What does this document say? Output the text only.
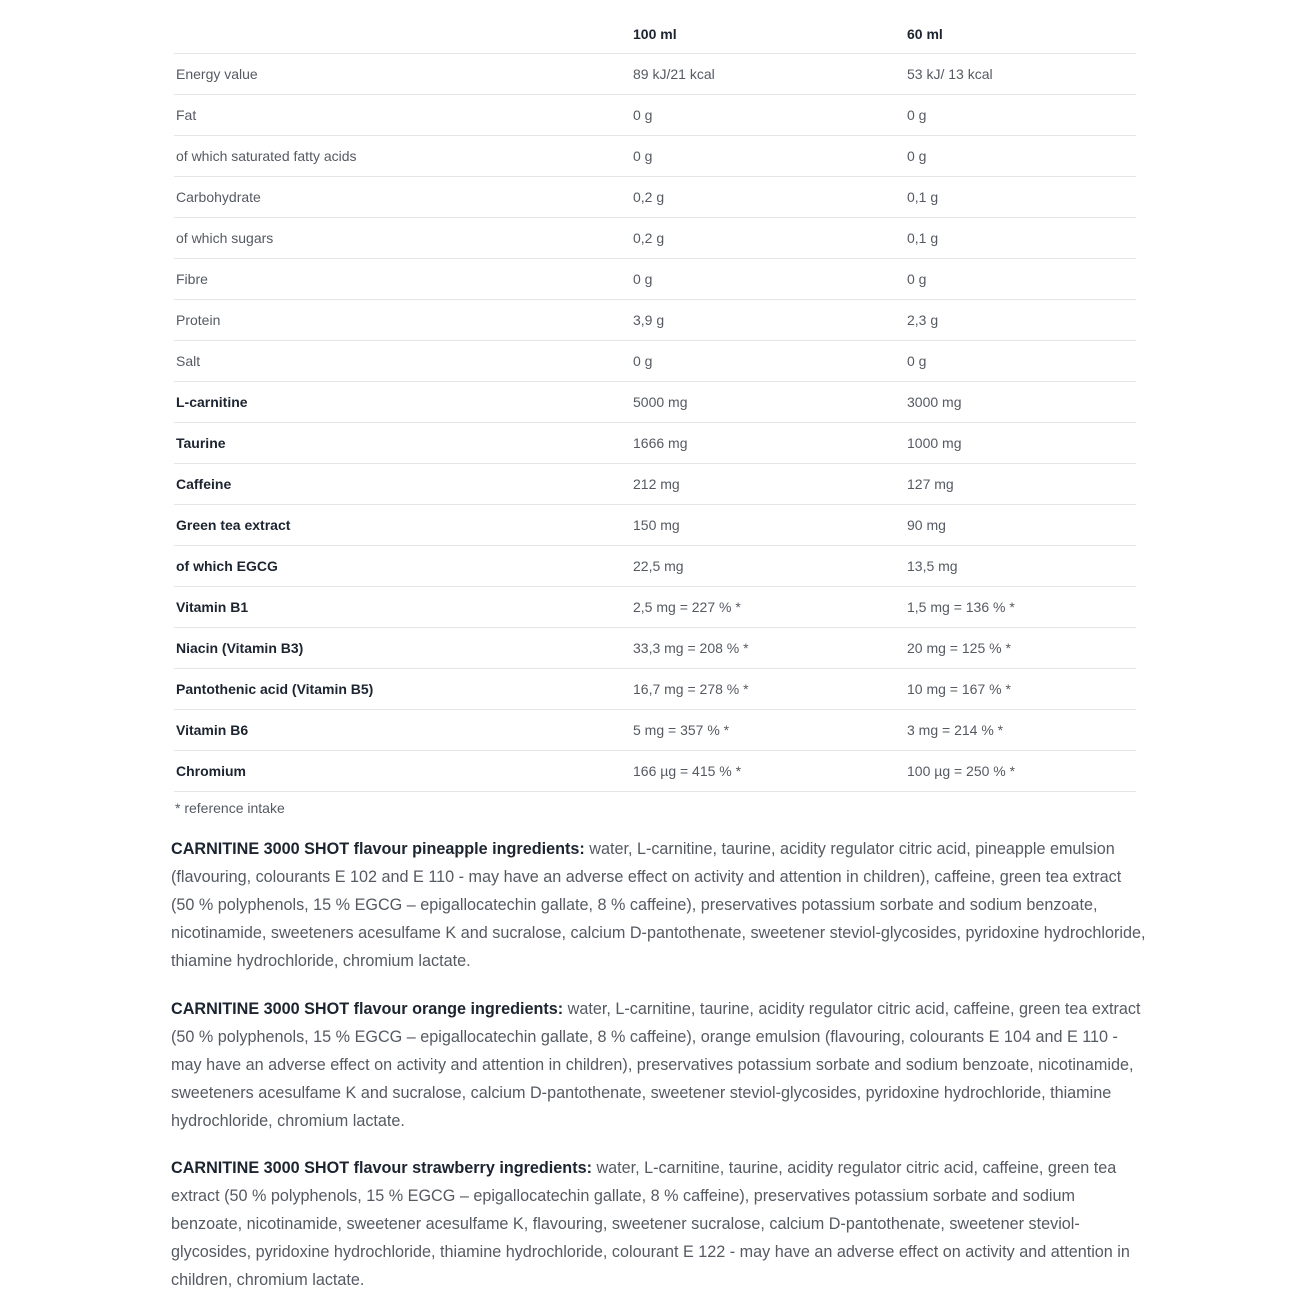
	100 ml	60 ml
Energy value	89 kJ/21 kcal	53 kJ/ 13 kcal
Fat	0 g	0 g
of which saturated fatty acids	0 g	0 g
Carbohydrate	0,2 g	0,1 g
of which sugars	0,2 g	0,1 g
Fibre	0 g	0 g
Protein	3,9 g	2,3 g
Salt	0 g	0 g
L-carnitine	5000 mg	3000 mg
Taurine	1666 mg	1000 mg
Caffeine	212 mg	127 mg
Green tea extract	150 mg	90 mg
of which EGCG	22,5 mg	13,5 mg
Vitamin B1	2,5 mg = 227 % *	1,5 mg = 136 % *
Niacin (Vitamin B3)	33,3 mg = 208 % *	20 mg = 125 % *
Pantothenic acid (Vitamin B5)	16,7 mg = 278 % *	10 mg = 167 % *
Vitamin B6	5 mg = 357 % *	3 mg = 214 % *
Chromium	166 µg = 415 % *	100 µg = 250 % *
* reference intake

CARNITINE 3000 SHOT flavour pineapple ingredients: water, L-carnitine, taurine, acidity regulator citric acid, pineapple emulsion (flavouring, colourants E 102 and E 110 - may have an adverse effect on activity and attention in children), caffeine, green tea extract (50 % polyphenols, 15 % EGCG – epigallocatechin gallate, 8 % caffeine), preservatives potassium sorbate and sodium benzoate, nicotinamide, sweeteners acesulfame K and sucralose, calcium D-pantothenate, sweetener steviol-glycosides, pyridoxine hydrochloride, thiamine hydrochloride, chromium lactate.

CARNITINE 3000 SHOT flavour orange ingredients: water, L-carnitine, taurine, acidity regulator citric acid, caffeine, green tea extract (50 % polyphenols, 15 % EGCG – epigallocatechin gallate, 8 % caffeine), orange emulsion (flavouring, colourants E 104 and E 110 - may have an adverse effect on activity and attention in children), preservatives potassium sorbate and sodium benzoate, nicotinamide, sweeteners acesulfame K and sucralose, calcium D-pantothenate, sweetener steviol-glycosides, pyridoxine hydrochloride, thiamine hydrochloride, chromium lactate.

CARNITINE 3000 SHOT flavour strawberry ingredients: water, L-carnitine, taurine, acidity regulator citric acid, caffeine, green tea extract (50 % polyphenols, 15 % EGCG – epigallocatechin gallate, 8 % caffeine), preservatives potassium sorbate and sodium benzoate, nicotinamide, sweetener acesulfame K, flavouring, sweetener sucralose, calcium D-pantothenate, sweetener steviol-glycosides, pyridoxine hydrochloride, thiamine hydrochloride, colourant E 122 - may have an adverse effect on activity and attention in children, chromium lactate.
